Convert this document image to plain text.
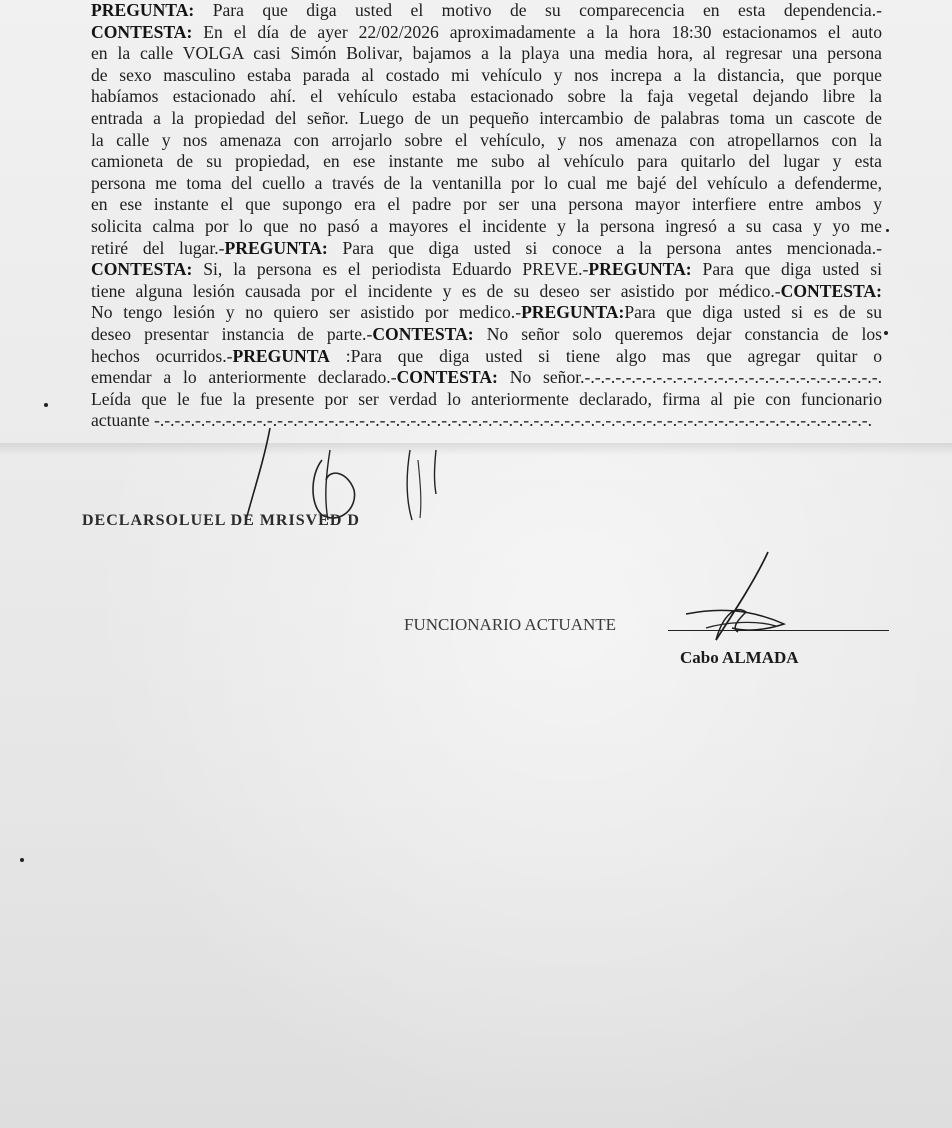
PREGUNTA: Para que diga usted el motivo de su comparecencia en esta dependencia.-
CONTESTA: En el día de ayer 22/02/2026 aproximadamente a la hora 18:30 estacionamos el auto
en la calle VOLGA casi Simón Bolivar, bajamos a la playa una media hora, al regresar una persona
de sexo masculino estaba parada al costado mi vehículo y nos increpa a la distancia, que porque
habíamos estacionado ahí. el vehículo estaba estacionado sobre la faja vegetal dejando libre la
entrada a la propiedad del señor. Luego de un pequeño intercambio de palabras toma un cascote de
la calle y nos amenaza con arrojarlo sobre el vehículo, y nos amenaza con atropellarnos con la
camioneta de su propiedad, en ese instante me subo al vehículo para quitarlo del lugar y esta
persona me toma del cuello a través de la ventanilla por lo cual me bajé del vehículo a defenderme,
en ese instante el que supongo era el padre por ser una persona mayor interfiere entre ambos y
solicita calma por lo que no pasó a mayores el incidente y la persona ingresó a su casa y yo me
retiré del lugar.-PREGUNTA: Para que diga usted si conoce a la persona antes mencionada.-
CONTESTA: Si, la persona es el periodista Eduardo PREVE.-PREGUNTA: Para que diga usted si
tiene alguna lesión causada por el incidente y es de su deseo ser asistido por médico.-CONTESTA:
No tengo lesión y no quiero ser asistido por medico.-PREGUNTA:Para que diga usted si es de su
deseo presentar instancia de parte.-CONTESTA: No señor solo queremos dejar constancia de los
hechos ocurridos.-PREGUNTA :Para que diga usted si tiene algo mas que agregar quitar o
emendar a lo anteriormente declarado.-CONTESTA: No señor.-.-.-.-.-.-.-.-.-.-.-.-.-.-.-.-.-.-.-.-.-.-.-.-.-.-.-.-.-.
Leída que le fue la presente por ser verdad lo anteriormente declarado, firma al pie con funcionario
actuante -.-.-.-.-.-.-.-.-.-.-.-.-.-.-.-.-.-.-.-.-.-.-.-.-.-.-.-.-.-.-.-.-.-.-.-.-.-.-.-.-.-.-.-.-.-.-.-.-.-.-.-.-.-.-.-.-.-.-.-.-.-.-.-.-.-.-.-.-.-.
DECLARSOLUEL DE MRISVED D
FUNCIONARIO ACTUANTE
Cabo ALMADA
